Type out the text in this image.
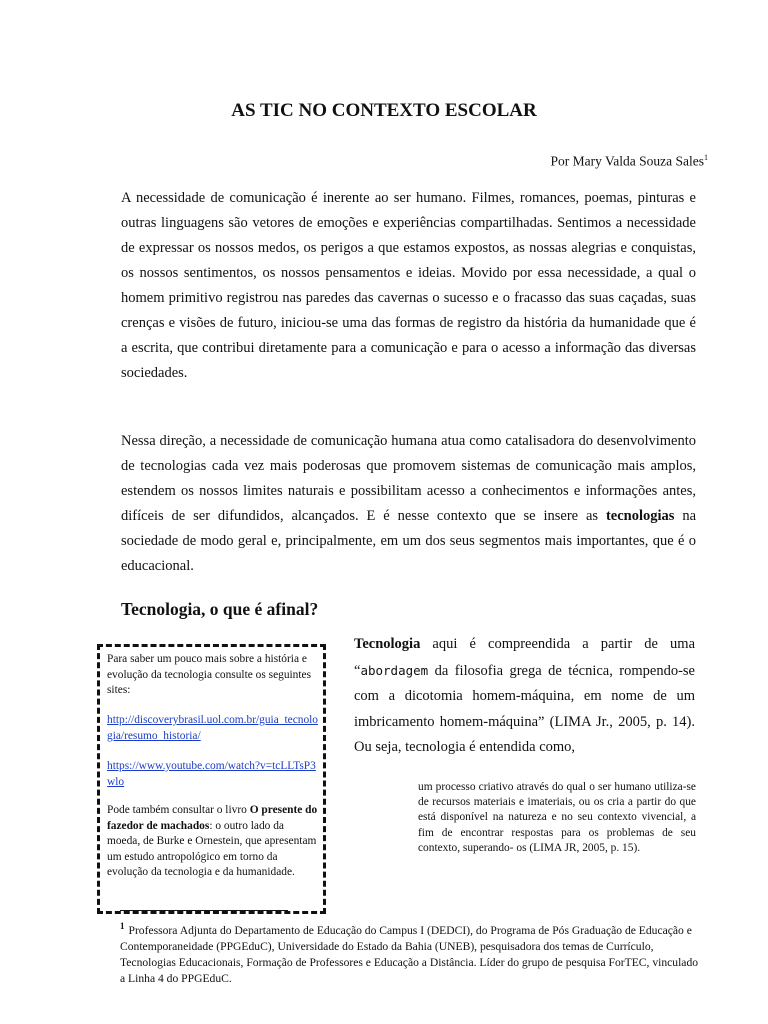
AS TIC NO CONTEXTO ESCOLAR
Por Mary Valda Souza Sales$^1$
A necessidade de comunicação é inerente ao ser humano. Filmes, romances, poemas, pinturas e outras linguagens são vetores de emoções e experiências compartilhadas. Sentimos a necessidade de expressar os nossos medos, os perigos a que estamos expostos, as nossas alegrias e conquistas, os nossos sentimentos, os nossos pensamentos e ideias. Movido por essa necessidade, a qual o homem primitivo registrou nas paredes das cavernas o sucesso e o fracasso das suas caçadas, suas crenças e visões de futuro, iniciou-se uma das formas de registro da história da humanidade que é a escrita, que contribui diretamente para a comunicação e para o acesso a informação das diversas sociedades.
Nessa direção, a necessidade de comunicação humana atua como catalisadora do desenvolvimento de tecnologias cada vez mais poderosas que promovem sistemas de comunicação mais amplos, estendem os nossos limites naturais e possibilitam acesso a conhecimentos e informações antes, difíceis de ser difundidos, alcançados. E é nesse contexto que se insere as tecnologias na sociedade de modo geral e, principalmente, em um dos seus segmentos mais importantes, que é o educacional.
Tecnologia, o que é afinal?
Para saber um pouco mais sobre a história e evolução da tecnologia consulte os seguintes sites:
http://discoverybrasil.uol.com.br/guia_tecnologia/resumo_historia/
https://www.youtube.com/watch?v=tcLLTsP3wlo
Pode também consultar o livro O presente do fazedor de machados: o outro lado da moeda, de Burke e Ornestein, que apresentam um estudo antropológico em torno da evolução da tecnologia e da humanidade.
Tecnologia aqui é compreendida a partir de uma “abordagem da filosofia grega de técnica, rompendo-se com a dicotomia homem-máquina, em nome de um imbricamento homem-máquina” (LIMA Jr., 2005, p. 14). Ou seja, tecnologia é entendida como,
um processo criativo através do qual o ser humano utiliza-se de recursos materiais e imateriais, ou os cria a partir do que está disponível na natureza e no seu contexto vivencial, a fim de encontrar respostas para os problemas de seu contexto, superando- os (LIMA JR, 2005, p. 15).
$^1$ Professora Adjunta do Departamento de Educação do Campus I (DEDCI), do Programa de Pós Graduação de Educação e Contemporaneidade (PPGEduC), Universidade do Estado da Bahia (UNEB), pesquisadora dos temas de Currículo, Tecnologias Educacionais, Formação de Professores e Educação a Distância. Líder do grupo de pesquisa ForTEC, vinculado a Linha 4 do PPGEduC.
